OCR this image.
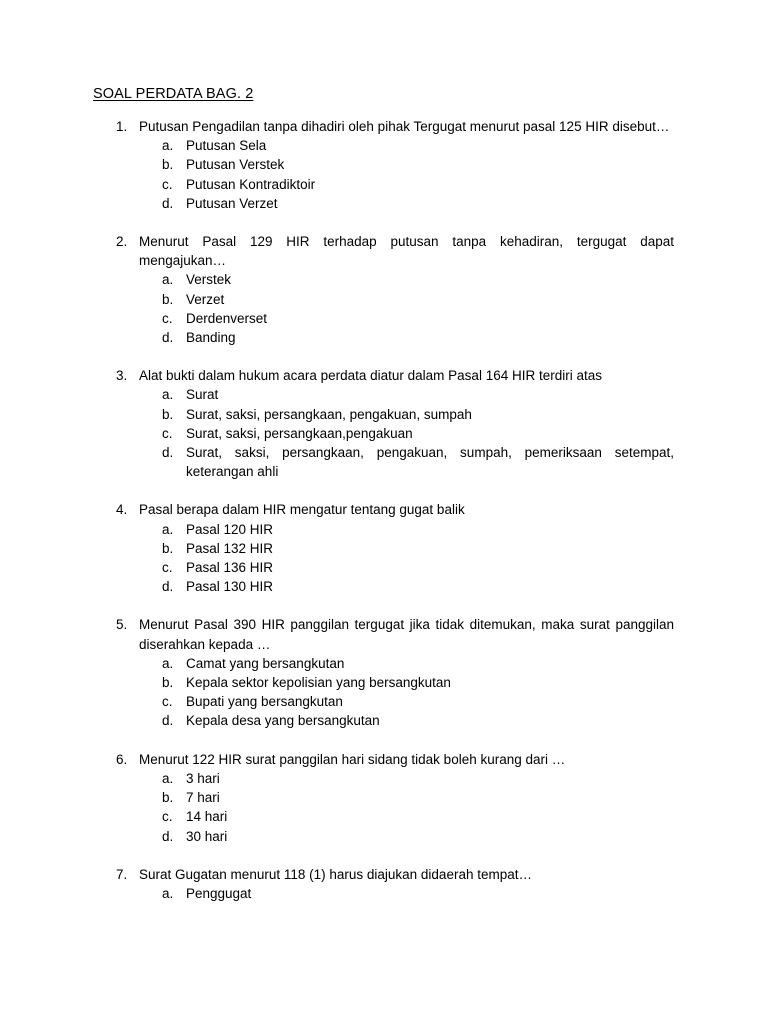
SOAL PERDATA BAG. 2
1. Putusan Pengadilan tanpa dihadiri oleh pihak Tergugat menurut pasal 125 HIR disebut…
a. Putusan Sela
b. Putusan Verstek
c. Putusan Kontradiktoir
d. Putusan Verzet
2. Menurut Pasal 129 HIR terhadap putusan tanpa kehadiran, tergugat dapat mengajukan…
a. Verstek
b. Verzet
c. Derdenverset
d. Banding
3. Alat bukti dalam hukum acara perdata diatur dalam Pasal 164 HIR terdiri atas
a. Surat
b. Surat, saksi, persangkaan, pengakuan, sumpah
c. Surat, saksi, persangkaan,pengakuan
d. Surat, saksi, persangkaan, pengakuan, sumpah, pemeriksaan setempat, keterangan ahli
4. Pasal berapa dalam HIR mengatur tentang gugat balik
a. Pasal 120 HIR
b. Pasal 132 HIR
c. Pasal 136 HIR
d. Pasal 130 HIR
5. Menurut Pasal 390 HIR panggilan tergugat jika tidak ditemukan, maka surat panggilan diserahkan kepada …
a. Camat yang bersangkutan
b. Kepala sektor kepolisian yang bersangkutan
c. Bupati yang bersangkutan
d. Kepala desa yang bersangkutan
6. Menurut 122 HIR surat panggilan hari sidang tidak boleh kurang dari …
a. 3 hari
b. 7 hari
c. 14 hari
d. 30 hari
7. Surat Gugatan menurut 118 (1) harus diajukan didaerah tempat…
a. Penggugat
